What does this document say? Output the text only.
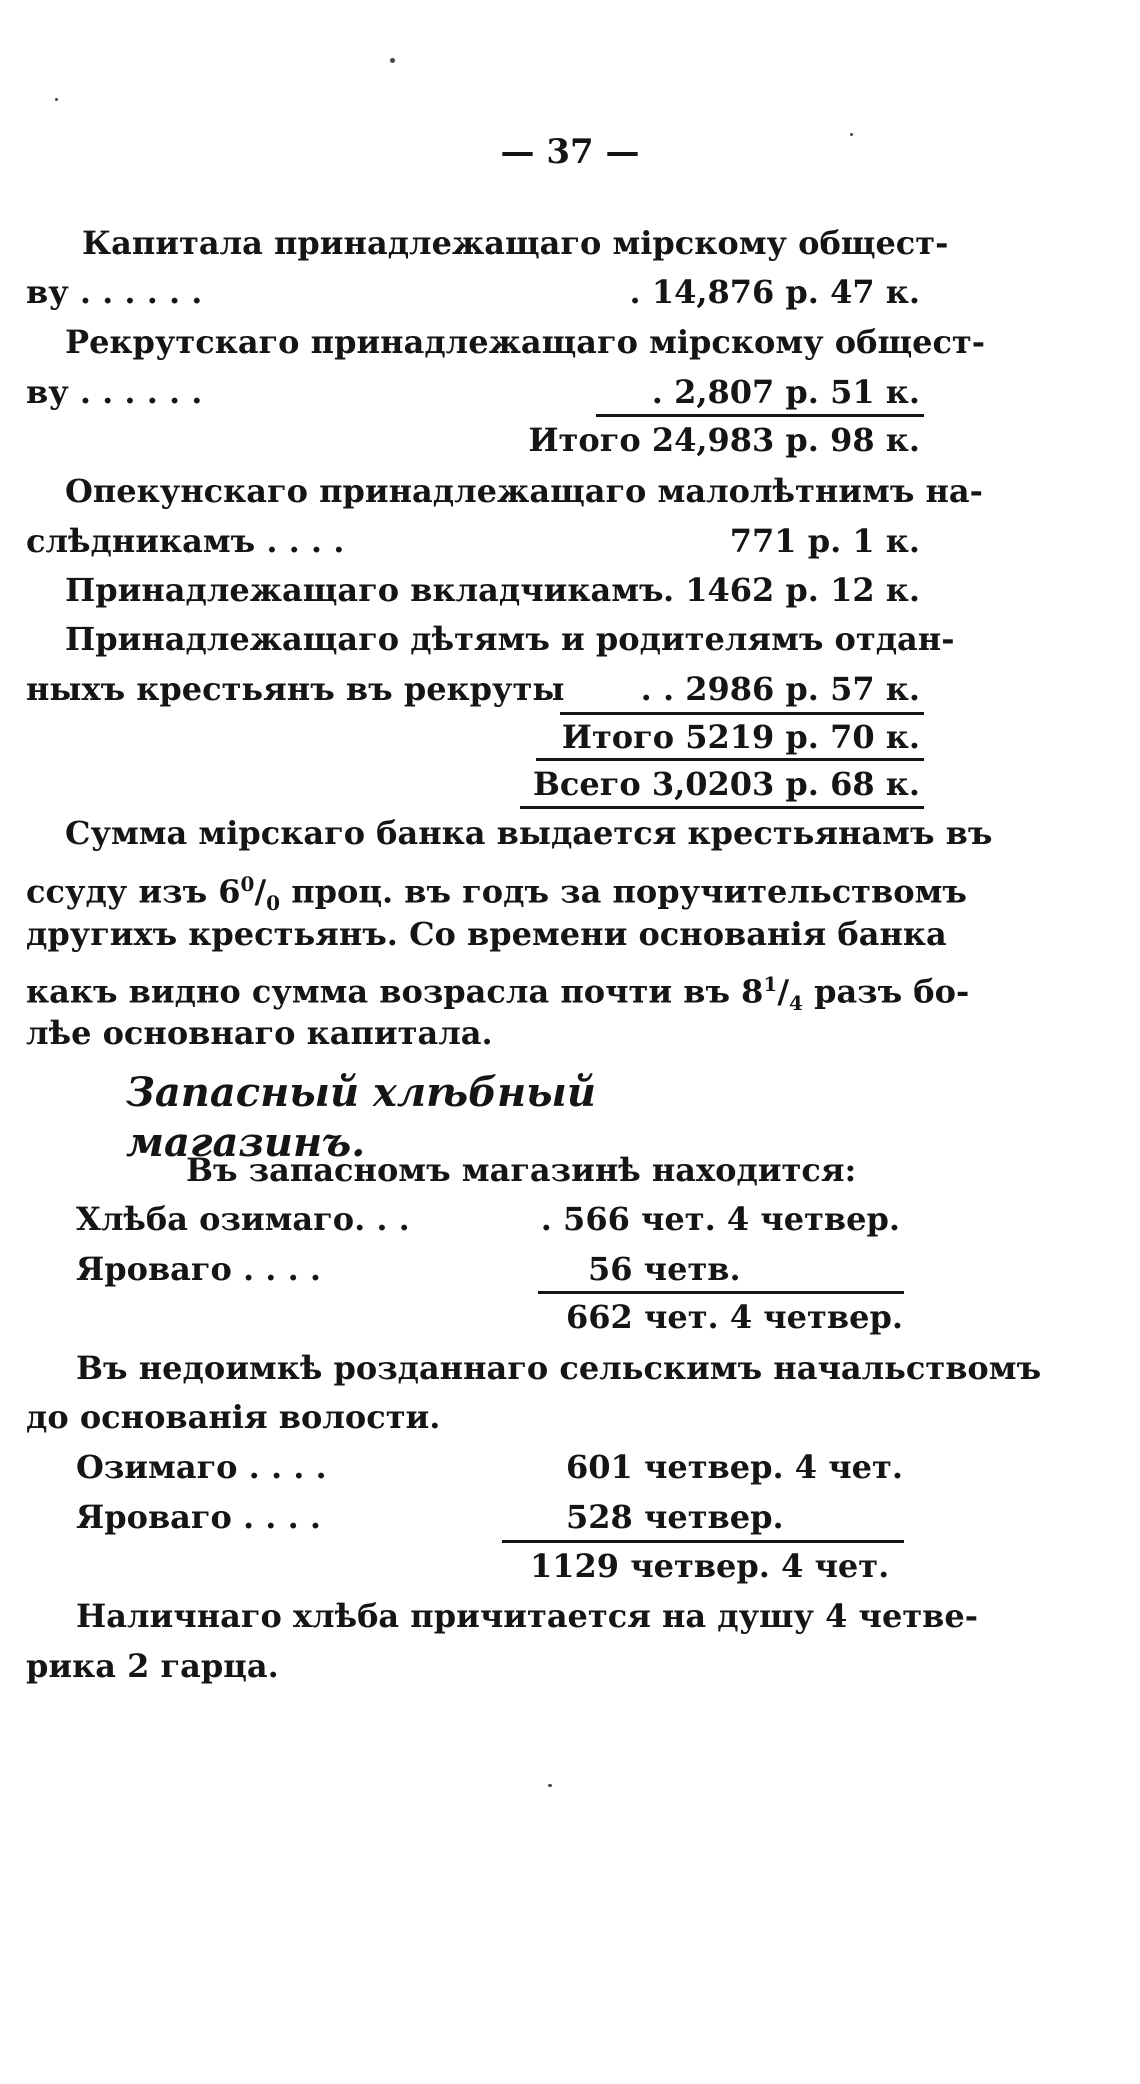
— 37 —
Капитала принадлежащаго мірскому общест-
ву . . . . . .	. 14,876 р. 47 к.
Рекрутскаго принадлежащаго мірскому общест-
ву . . . . . .	. 2,807 р. 51 к.
Итого 24,983 р. 98 к.
Опекунскаго принадлежащаго малолѣтнимъ на-
слѣдникамъ . . . .	771 р. 1 к.
Принадлежащаго вкладчикамъ . 1462 р. 12 к.
Принадлежащаго дѣтямъ и родителямъ отдан-
ныхъ крестьянъ въ рекруты	. . 2986 р. 57 к.
Итого 5219 р. 70 к.
Всего 3,0203 р. 68 к.
Сумма мірскаго банка выдается крестьянамъ въ
ссуду изъ $6^0/_0$ проц. въ годъ за поручительствомъ
другихъ крестьянъ. Со времени основанія банка
какъ видно сумма возрасла почти въ $8^1/_4$ разъ бо-
лѣе основнаго капитала.
Запасный хлѣбный магазинъ.
Въ запасномъ магазинѣ находится:
Хлѣба озимаго. . .	. 566 чет. 4 четвер.
Яроваго . . . .	56 четв.
662 чет. 4 четвер.
Въ недоимкѣ розданнаго сельскимъ начальствомъ
до основанія волости.
Озимаго . . . .	601 четвер. 4 чет.
Яроваго . . . .	528 четвер.
1129 четвер. 4 чет.
Наличнаго хлѣба причитается на душу 4 четве-
рика 2 гарца.
